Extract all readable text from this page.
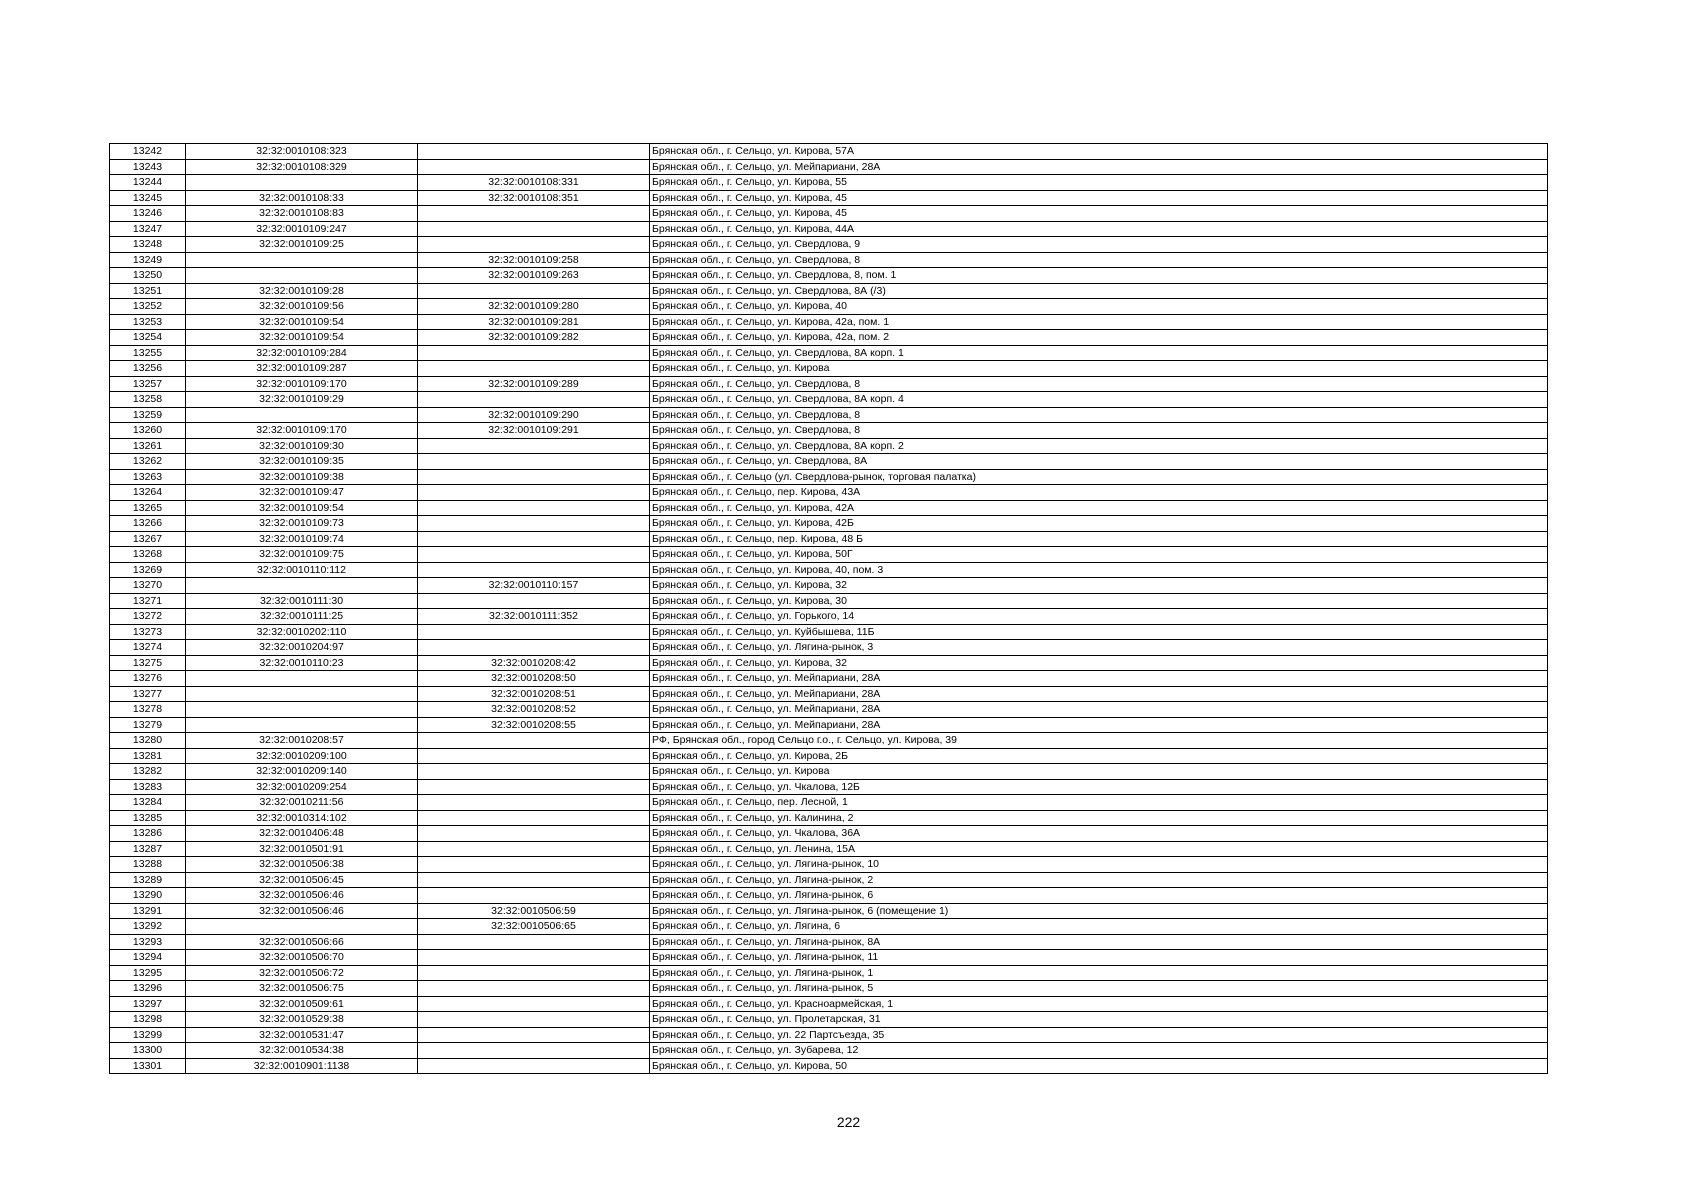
13242	32:32:0010108:323		Брянская обл., г. Сельцо, ул. Кирова, 57А
13243	32:32:0010108:329		Брянская обл., г. Сельцо, ул. Мейпариани, 28А
13244		32:32:0010108:331	Брянская обл., г. Сельцо, ул. Кирова, 55
13245	32:32:0010108:33	32:32:0010108:351	Брянская обл., г. Сельцо, ул. Кирова, 45
13246	32:32:0010108:83		Брянская обл., г. Сельцо, ул. Кирова, 45
13247	32:32:0010109:247		Брянская обл., г. Сельцо, ул. Кирова, 44А
13248	32:32:0010109:25		Брянская обл., г. Сельцо, ул. Свердлова, 9
13249		32:32:0010109:258	Брянская обл., г. Сельцо, ул. Свердлова, 8
13250		32:32:0010109:263	Брянская обл., г. Сельцо, ул. Свердлова, 8, пом. 1
13251	32:32:0010109:28		Брянская обл., г. Сельцо, ул. Свердлова, 8А (/3)
13252	32:32:0010109:56	32:32:0010109:280	Брянская обл., г. Сельцо, ул. Кирова, 40
13253	32:32:0010109:54	32:32:0010109:281	Брянская обл., г. Сельцо, ул. Кирова, 42а, пом. 1
13254	32:32:0010109:54	32:32:0010109:282	Брянская обл., г. Сельцо, ул. Кирова, 42а, пом. 2
13255	32:32:0010109:284		Брянская обл., г. Сельцо, ул. Свердлова, 8А корп. 1
13256	32:32:0010109:287		Брянская обл., г. Сельцо, ул. Кирова
13257	32:32:0010109:170	32:32:0010109:289	Брянская обл., г. Сельцо, ул. Свердлова, 8
13258	32:32:0010109:29		Брянская обл., г. Сельцо, ул. Свердлова, 8А корп. 4
13259		32:32:0010109:290	Брянская обл., г. Сельцо, ул. Свердлова, 8
13260	32:32:0010109:170	32:32:0010109:291	Брянская обл., г. Сельцо, ул. Свердлова, 8
13261	32:32:0010109:30		Брянская обл., г. Сельцо, ул. Свердлова, 8А корп. 2
13262	32:32:0010109:35		Брянская обл., г. Сельцо, ул. Свердлова, 8А
13263	32:32:0010109:38		Брянская обл., г. Сельцо (ул. Свердлова-рынок, торговая палатка)
13264	32:32:0010109:47		Брянская обл., г. Сельцо, пер. Кирова, 43А
13265	32:32:0010109:54		Брянская обл., г. Сельцо, ул. Кирова, 42А
13266	32:32:0010109:73		Брянская обл., г. Сельцо, ул. Кирова, 42Б
13267	32:32:0010109:74		Брянская обл., г. Сельцо, пер. Кирова, 48 Б
13268	32:32:0010109:75		Брянская обл., г. Сельцо, ул. Кирова, 50Г
13269	32:32:0010110:112		Брянская обл., г. Сельцо, ул. Кирова, 40, пом. 3
13270		32:32:0010110:157	Брянская обл., г. Сельцо, ул. Кирова, 32
13271	32:32:0010111:30		Брянская обл., г. Сельцо, ул. Кирова, 30
13272	32:32:0010111:25	32:32:0010111:352	Брянская обл., г. Сельцо, ул. Горького, 14
13273	32:32:0010202:110		Брянская обл., г. Сельцо, ул. Куйбышева, 11Б
13274	32:32:0010204:97		Брянская обл., г. Сельцо, ул. Лягина-рынок, 3
13275	32:32:0010110:23	32:32:0010208:42	Брянская обл., г. Сельцо, ул. Кирова, 32
13276		32:32:0010208:50	Брянская обл., г. Сельцо, ул. Мейпариани, 28А
13277		32:32:0010208:51	Брянская обл., г. Сельцо, ул. Мейпариани, 28А
13278		32:32:0010208:52	Брянская обл., г. Сельцо, ул. Мейпариани, 28А
13279		32:32:0010208:55	Брянская обл., г. Сельцо, ул. Мейпариани, 28А
13280	32:32:0010208:57		РФ, Брянская обл., город Сельцо г.о., г. Сельцо, ул. Кирова, 39
13281	32:32:0010209:100		Брянская обл., г. Сельцо, ул. Кирова, 2Б
13282	32:32:0010209:140		Брянская обл., г. Сельцо, ул. Кирова
13283	32:32:0010209:254		Брянская обл., г. Сельцо, ул. Чкалова, 12Б
13284	32:32:0010211:56		Брянская обл., г. Сельцо, пер. Лесной, 1
13285	32:32:0010314:102		Брянская обл., г. Сельцо, ул. Калинина, 2
13286	32:32:0010406:48		Брянская обл., г. Сельцо, ул. Чкалова, 36А
13287	32:32:0010501:91		Брянская обл., г. Сельцо, ул. Ленина, 15А
13288	32:32:0010506:38		Брянская обл., г. Сельцо, ул. Лягина-рынок, 10
13289	32:32:0010506:45		Брянская обл., г. Сельцо, ул. Лягина-рынок, 2
13290	32:32:0010506:46		Брянская обл., г. Сельцо, ул. Лягина-рынок, 6
13291	32:32:0010506:46	32:32:0010506:59	Брянская обл., г. Сельцо, ул. Лягина-рынок, 6 (помещение 1)
13292		32:32:0010506:65	Брянская обл., г. Сельцо, ул. Лягина, 6
13293	32:32:0010506:66		Брянская обл., г. Сельцо, ул. Лягина-рынок, 8А
13294	32:32:0010506:70		Брянская обл., г. Сельцо, ул. Лягина-рынок, 11
13295	32:32:0010506:72		Брянская обл., г. Сельцо, ул. Лягина-рынок, 1
13296	32:32:0010506:75		Брянская обл., г. Сельцо, ул. Лягина-рынок, 5
13297	32:32:0010509:61		Брянская обл., г. Сельцо, ул. Красноармейская, 1
13298	32:32:0010529:38		Брянская обл., г. Сельцо, ул. Пролетарская, 31
13299	32:32:0010531:47		Брянская обл., г. Сельцо, ул. 22 Партсъезда, 35
13300	32:32:0010534:38		Брянская обл., г. Сельцо, ул. Зубарева, 12
13301	32:32:0010901:1138		Брянская обл., г. Сельцо, ул. Кирова, 50
222
